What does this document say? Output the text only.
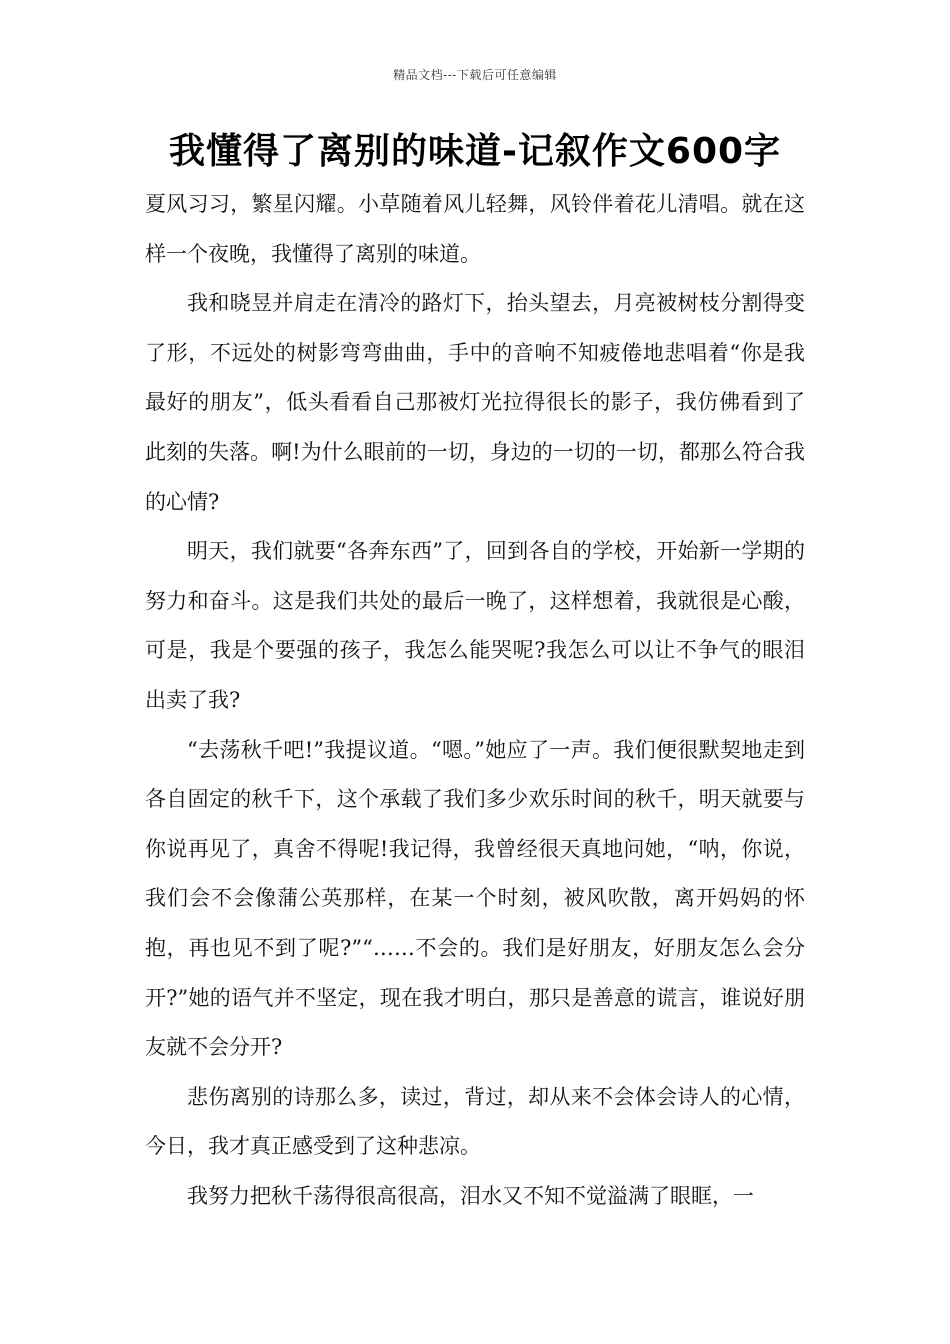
精品文档---下载后可任意编辑
我懂得了离别的味道-记叙作文600字

夏风习习，繁星闪耀。小草随着风儿轻舞，风铃伴着花儿清唱。就在这样一个夜晚，我懂得了离别的味道。

我和晓昱并肩走在清冷的路灯下，抬头望去，月亮被树枝分割得变了形，不远处的树影弯弯曲曲，手中的音响不知疲倦地悲唱着“你是我最好的朋友”，低头看看自己那被灯光拉得很长的影子，我仿佛看到了此刻的失落。啊!为什么眼前的一切，身边的一切的一切，都那么符合我的心情?

明天，我们就要“各奔东西”了，回到各自的学校，开始新一学期的努力和奋斗。这是我们共处的最后一晚了，这样想着，我就很是心酸，可是，我是个要强的孩子，我怎么能哭呢?我怎么可以让不争气的眼泪出卖了我?

“去荡秋千吧!”我提议道。“嗯。”她应了一声。我们便很默契地走到各自固定的秋千下，这个承载了我们多少欢乐时间的秋千，明天就要与你说再见了，真舍不得呢!我记得，我曾经很天真地问她，“呐，你说，我们会不会像蒲公英那样，在某一个时刻，被风吹散，离开妈妈的怀抱，再也见不到了呢?”“……不会的。我们是好朋友，好朋友怎么会分开?”她的语气并不坚定，现在我才明白，那只是善意的谎言，谁说好朋友就不会分开?

悲伤离别的诗那么多，读过，背过，却从来不会体会诗人的心情，今日，我才真正感受到了这种悲凉。

我努力把秋千荡得很高很高，泪水又不知不觉溢满了眼眶，一
